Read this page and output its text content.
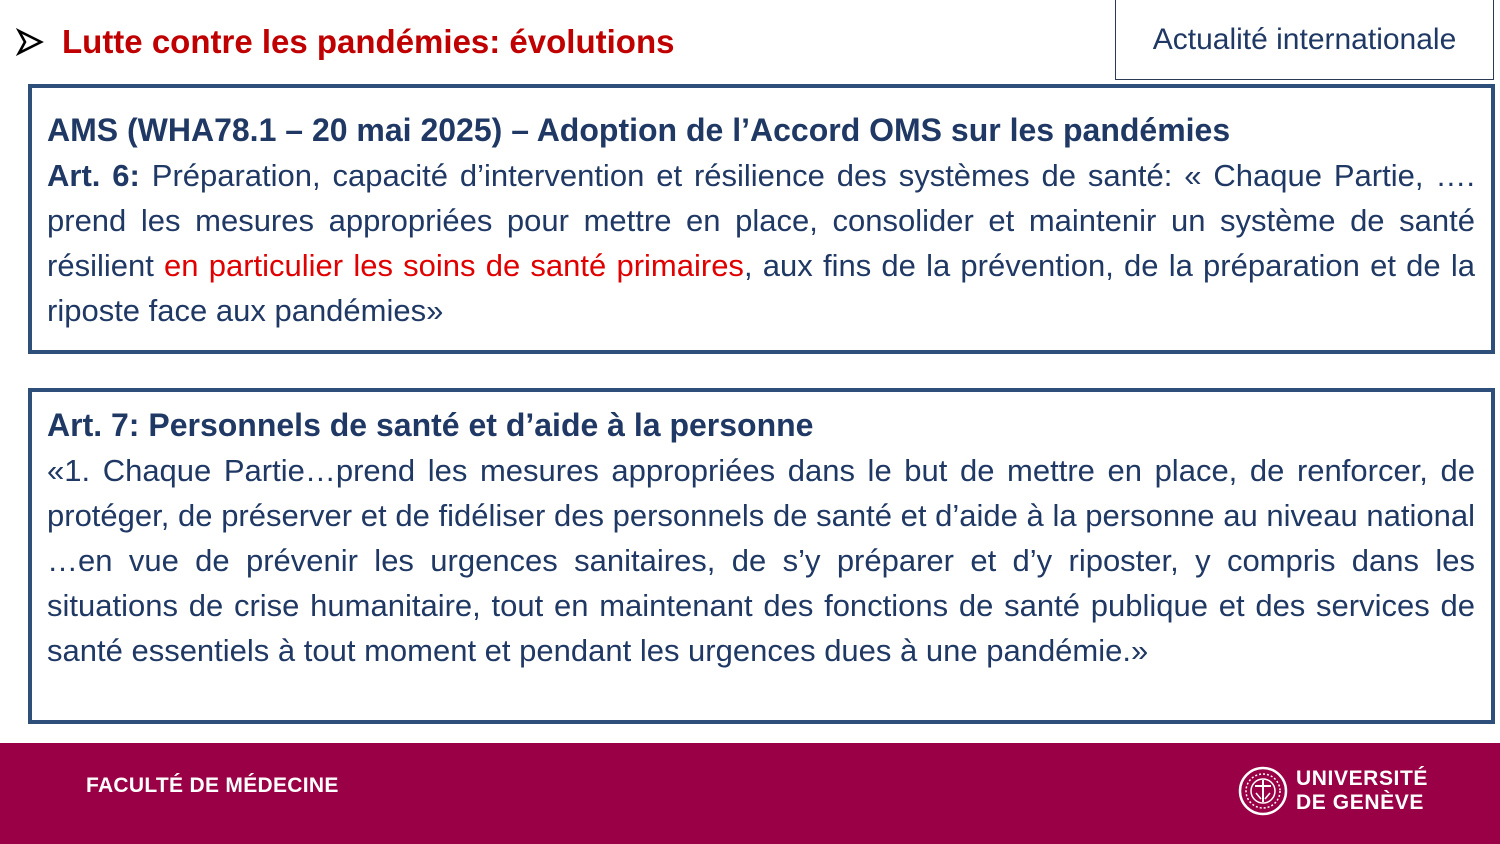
Lutte contre les pandémies: évolutions	Actualité internationale
AMS (WHA78.1 – 20 mai 2025) – Adoption de l’Accord OMS sur les pandémies
Art. 6: Préparation, capacité d’intervention et résilience des systèmes de santé: « Chaque Partie, …. prend les mesures appropriées pour mettre en place, consolider et maintenir un système de santé résilient en particulier les soins de santé primaires, aux fins de la prévention, de la préparation et de la riposte face aux pandémies»
Art. 7: Personnels de santé et d’aide à la personne
«1. Chaque Partie…prend les mesures appropriées dans le but de mettre en place, de renforcer, de protéger, de préserver et de fidéliser des personnels de santé et d’aide à la personne au niveau national …en vue de prévenir les urgences sanitaires, de s’y préparer et d’y riposter, y compris dans les situations de crise humanitaire, tout en maintenant des fonctions de santé publique et des services de santé essentiels à tout moment et pendant les urgences dues à une pandémie.»
FACULTÉ DE MÉDECINE	UNIVERSITÉ
DE GENÈVE
